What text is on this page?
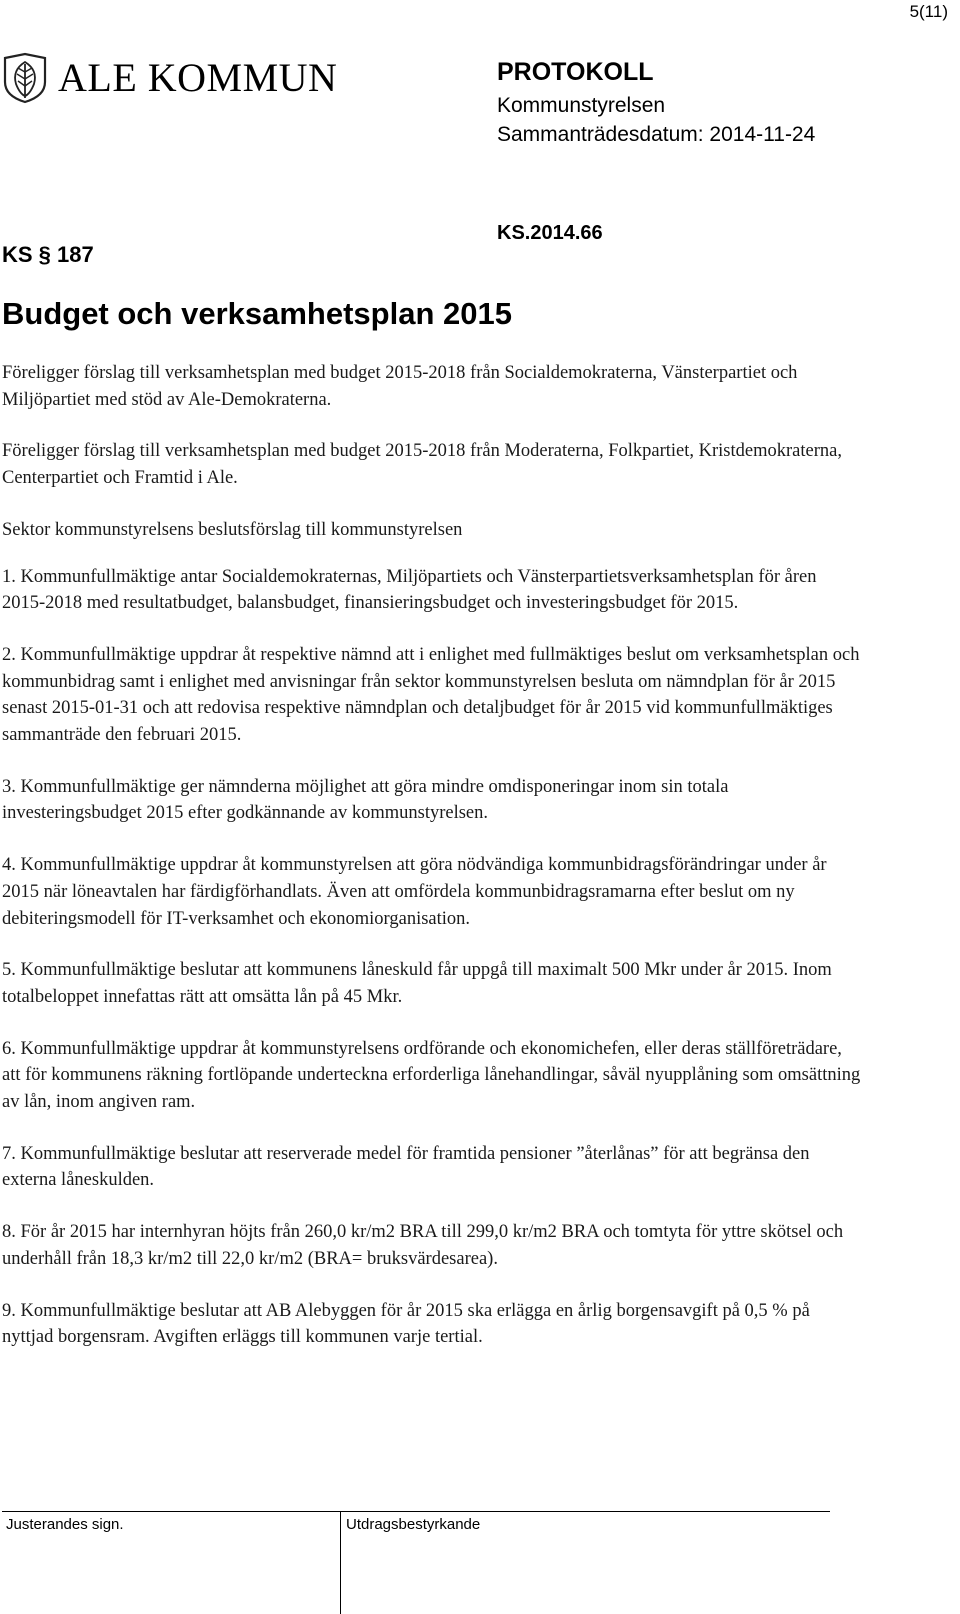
5(11)
ALE KOMMUN	PROTOKOLL
Kommunstyrelsen
Sammanträdesdatum: 2014-11-24
KS § 187
KS.2014.66
Budget och verksamhetsplan 2015

Föreligger förslag till verksamhetsplan med budget 2015-2018 från Socialdemokraterna, Vänsterpartiet och Miljöpartiet med stöd av Ale-Demokraterna.

Föreligger förslag till verksamhetsplan med budget 2015-2018 från Moderaterna, Folkpartiet, Kristdemokraterna, Centerpartiet och Framtid i Ale.

Sektor kommunstyrelsens beslutsförslag till kommunstyrelsen

1. Kommunfullmäktige antar Socialdemokraternas, Miljöpartiets och Vänsterpartietsverksamhetsplan för åren 2015-2018 med resultatbudget, balansbudget, finansieringsbudget och investeringsbudget för 2015.

2. Kommunfullmäktige uppdrar åt respektive nämnd att i enlighet med fullmäktiges beslut om verksamhetsplan och kommunbidrag samt i enlighet med anvisningar från sektor kommunstyrelsen besluta om nämndplan för år 2015 senast 2015-01-31 och att redovisa respektive nämndplan och detaljbudget för år 2015 vid kommunfullmäktiges sammanträde den februari 2015.

3. Kommunfullmäktige ger nämnderna möjlighet att göra mindre omdisponeringar inom sin totala investeringsbudget 2015 efter godkännande av kommunstyrelsen.

4. Kommunfullmäktige uppdrar åt kommunstyrelsen att göra nödvändiga kommunbidragsförändringar under år 2015 när löneavtalen har färdigförhandlats. Även att omfördela kommunbidragsramarna efter beslut om ny debiteringsmodell för IT-verksamhet och ekonomiorganisation.

5. Kommunfullmäktige beslutar att kommunens låneskuld får uppgå till maximalt 500 Mkr under år 2015. Inom totalbeloppet innefattas rätt att omsätta lån på 45 Mkr.

6. Kommunfullmäktige uppdrar åt kommunstyrelsens ordförande och ekonomichefen, eller deras ställföreträdare, att för kommunens räkning fortlöpande underteckna erforderliga lånehandlingar, såväl nyupplåning som omsättning av lån, inom angiven ram.

7. Kommunfullmäktige beslutar att reserverade medel för framtida pensioner ”återlånas” för att begränsa den externa låneskulden.

8. För år 2015 har internhyran höjts från 260,0 kr/m2 BRA till 299,0 kr/m2 BRA och tomtyta för yttre skötsel och underhåll från 18,3 kr/m2 till 22,0 kr/m2 (BRA= bruksvärdesarea).

9. Kommunfullmäktige beslutar att AB Alebyggen för år 2015 ska erlägga en årlig borgensavgift på 0,5 % på nyttjad borgensram. Avgiften erläggs till kommunen varje tertial.

Justerandes sign.	Utdragsbestyrkande
